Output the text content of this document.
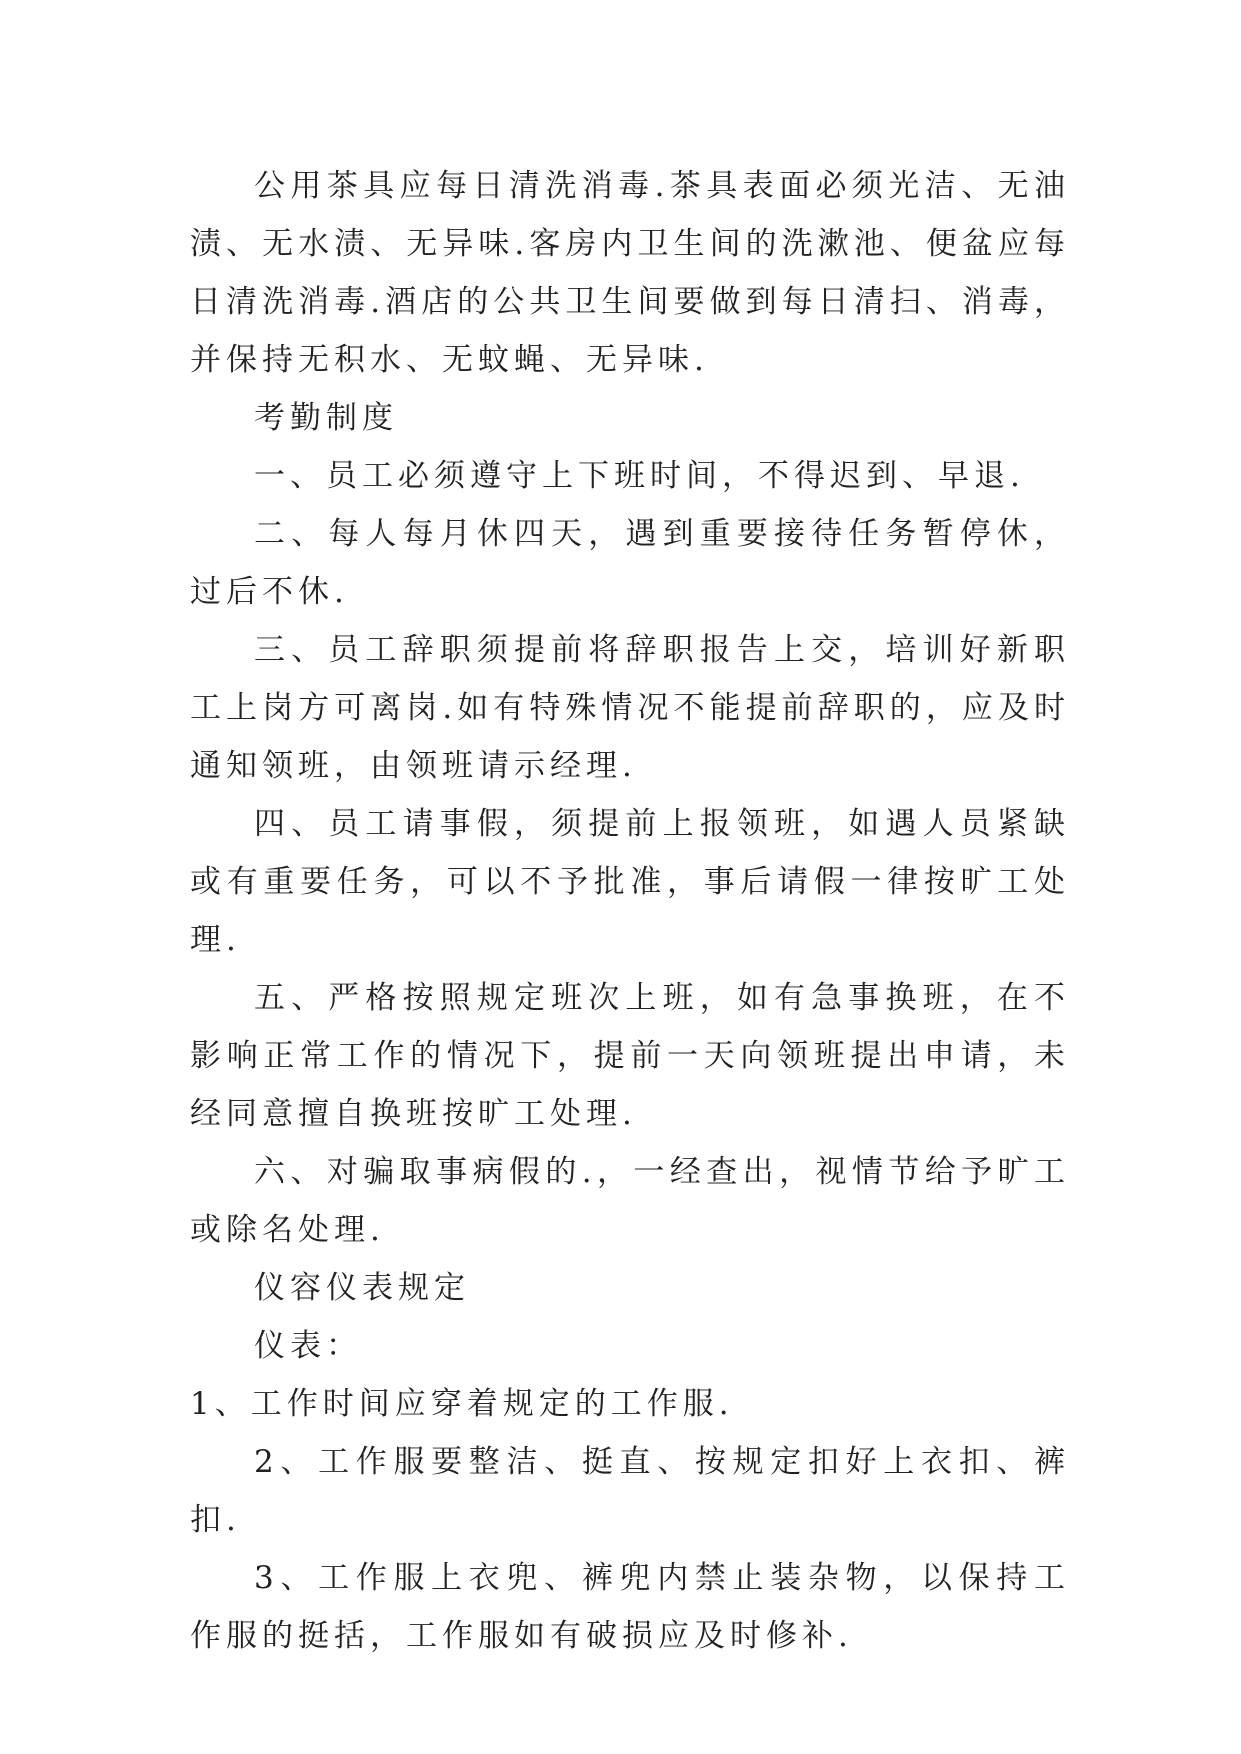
公用茶具应每日清洗消毒.茶具表面必须光洁、无油渍、无水渍、无异味.客房内卫生间的洗漱池、便盆应每日清洗消毒.酒店的公共卫生间要做到每日清扫、消毒，并保持无积水、无蚊蝇、无异味.

考勤制度

一、员工必须遵守上下班时间，不得迟到、早退.

二、每人每月休四天，遇到重要接待任务暂停休，过后不休.

三、员工辞职须提前将辞职报告上交，培训好新职工上岗方可离岗.如有特殊情况不能提前辞职的，应及时通知领班，由领班请示经理.

四、员工请事假，须提前上报领班，如遇人员紧缺或有重要任务，可以不予批准，事后请假一律按旷工处理.

五、严格按照规定班次上班，如有急事换班，在不影响正常工作的情况下，提前一天向领班提出申请，未经同意擅自换班按旷工处理.

六、对骗取事病假的.，一经查出，视情节给予旷工或除名处理.

仪容仪表规定

仪表：

1、工作时间应穿着规定的工作服.

2、工作服要整洁、挺直、按规定扣好上衣扣、裤扣.

3、工作服上衣兜、裤兜内禁止装杂物，以保持工作服的挺括，工作服如有破损应及时修补.
